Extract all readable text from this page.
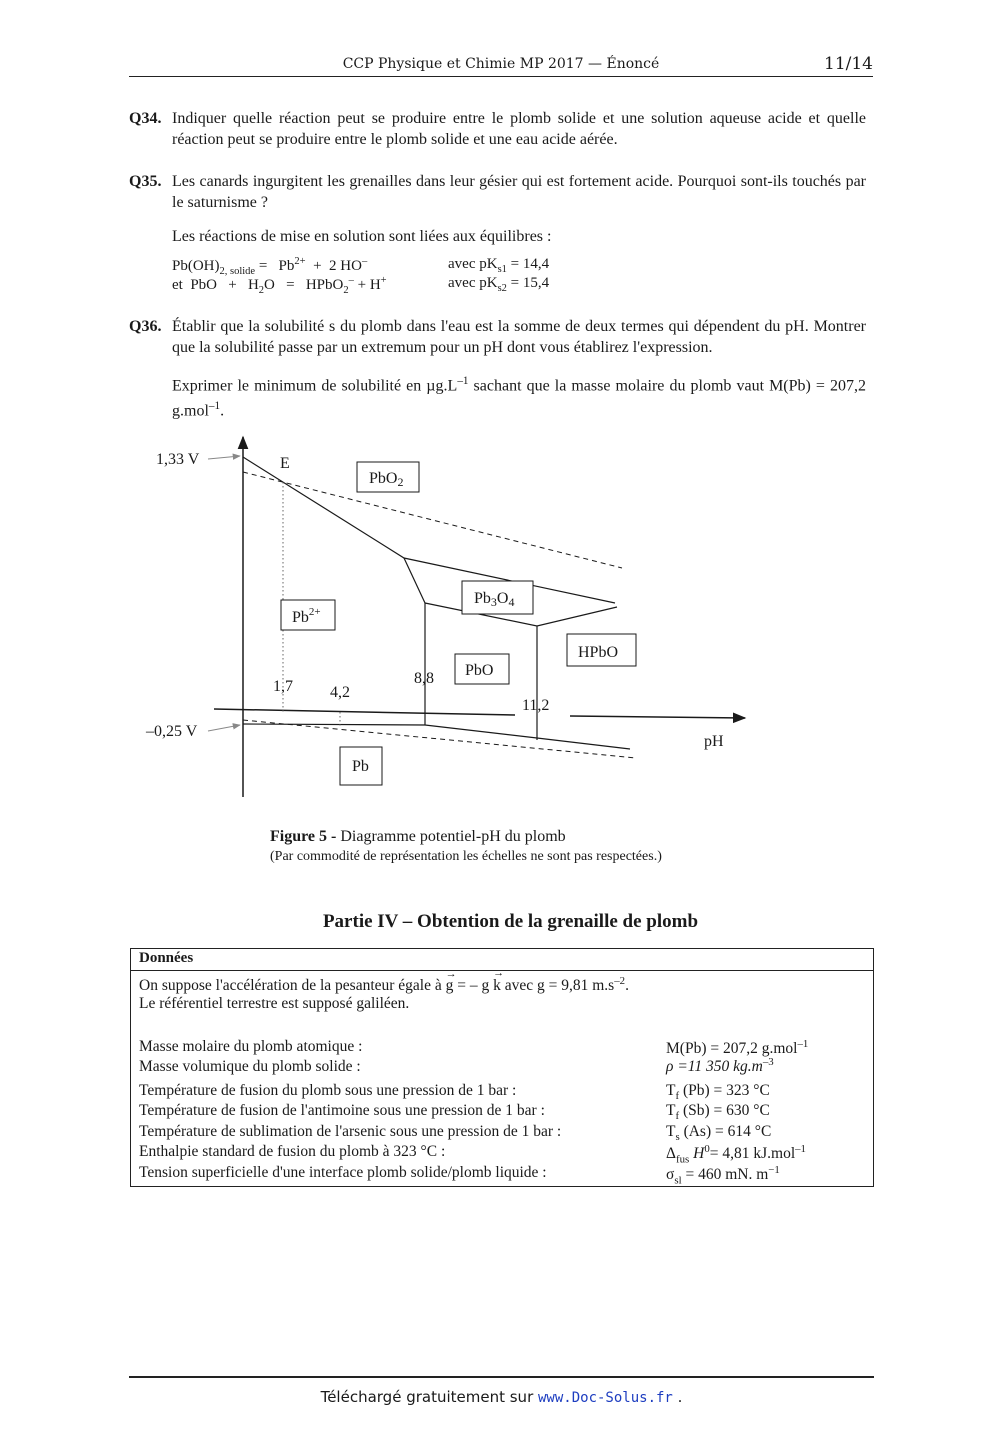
CCP Physique et Chimie MP 2017 — Énoncé	11/14
Q34. Indiquer quelle réaction peut se produire entre le plomb solide et une solution aqueuse acide et quelle réaction peut se produire entre le plomb solide et une eau acide aérée.
Q35. Les canards ingurgitent les grenailles dans leur gésier qui est fortement acide. Pourquoi sont-ils touchés par le saturnisme ?
Les réactions de mise en solution sont liées aux équilibres :
$Pb(OH)_{2, solide} = Pb^{2+} + 2$ HO–	avec $pK_{s1} = 14,4$
et  PbO   +   $H_2O$   =   HPbO$_2$– + H+	avec $pK_{s2} = 15,4$
Q36. Établir que la solubilité s du plomb dans l'eau est la somme de deux termes qui dépendent du pH. Montrer que la solubilité passe par un extremum pour un pH dont vous établirez l'expression.
Exprimer le minimum de solubilité en $\mu g.L^{-1}$ sachant que la masse molaire du plomb vaut M(Pb) = 207,2 g.mol$^{-1}$.
1,33 V
–0,25 V
E
pH
1,7 4,2
8,8
11,2
PbO2
$Pb^{2+}$
Pb3O4
HPbO
PbO
Pb
Figure 5 - Diagramme potentiel-pH du plomb
(Par commodité de représentation les échelles ne sont pas respectées.)
Partie IV – Obtention de la grenaille de plomb
Données
On suppose l'accélération de la pesanteur égale à
→
g = – g
→
k avec g = 9,81 $m.s^{-2}$.
Le référentiel terrestre est supposé galiléen.
Masse molaire du plomb atomique :	M(Pb) = 207,2 g.mol$^{-1}$
Masse volumique du plomb solide :	ρ =11 350 $kg.m^{-3}$
Température de fusion du plomb sous une pression de 1 bar :	$T_f$ (Pb) = 323 °C
Température de fusion de l'antimoine sous une pression de 1 bar :	$T_f$ (Sb) = 630 °C
Température de sublimation de l'arsenic sous une pression de 1 bar :	$T_s$ (As) = 614 °C
Enthalpie standard de fusion du plomb à 323 °C :	$\Delta_{fus}$ $H^0= 4,81$ kJ.mol$^{-1}$
Tension superficielle d'une interface plomb solide/plomb liquide :	$\sigma_{sl} = 460$ mN. $m^{-1}$
Téléchargé gratuitement sur www.Doc-Solus.fr .
